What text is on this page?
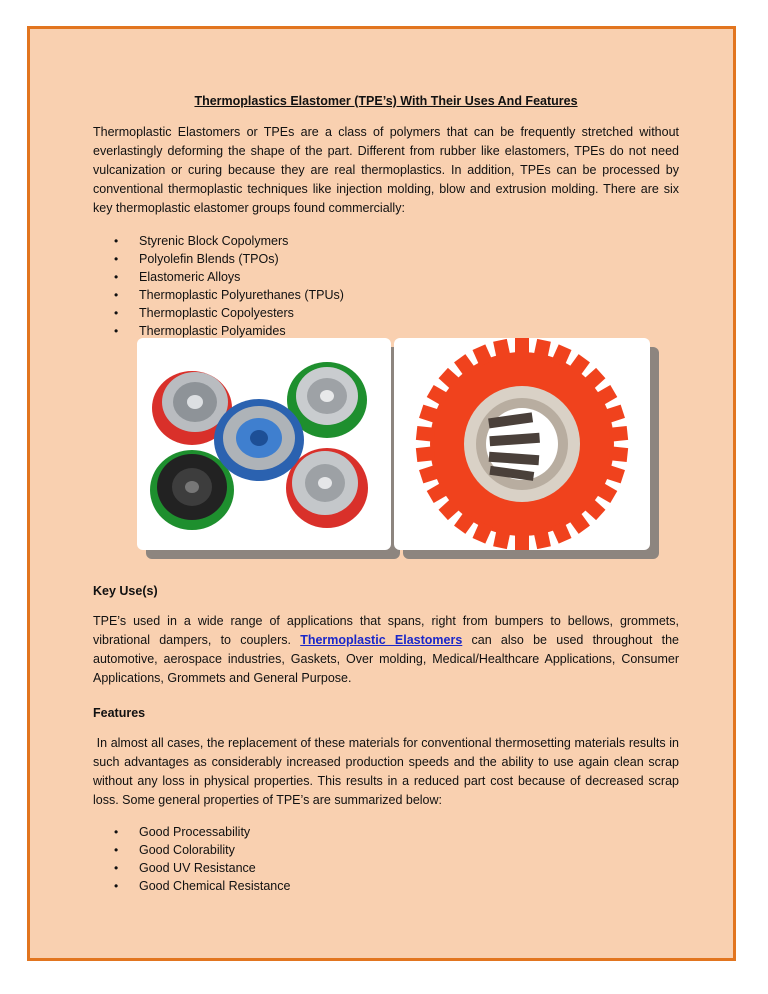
Thermoplastics Elastomer (TPE’s) With Their Uses And Features

Thermoplastic Elastomers or TPEs are a class of polymers that can be frequently stretched without everlastingly deforming the shape of the part. Different from rubber like elastomers, TPEs do not need vulcanization or curing because they are real thermoplastics. In addition, TPEs can be processed by conventional thermoplastic techniques like injection molding, blow and extrusion molding. There are six key thermoplastic elastomer groups found commercially:

• Styrenic Block Copolymers
• Polyolefin Blends (TPOs)
• Elastomeric Alloys
• Thermoplastic Polyurethanes (TPUs)
• Thermoplastic Copolyesters
• Thermoplastic Polyamides
Key Use(s)

TPE’s used in a wide range of applications that spans, right from bumpers to bellows, grommets, vibrational dampers, to couplers. Thermoplastic Elastomers can also be used throughout the automotive, aerospace industries, Gaskets, Over molding, Medical/Healthcare Applications, Consumer Applications, Grommets and General Purpose.

Features

In almost all cases, the replacement of these materials for conventional thermosetting materials results in such advantages as considerably increased production speeds and the ability to use again clean scrap without any loss in physical properties. This results in a reduced part cost because of decreased scrap loss. Some general properties of TPE’s are summarized below:

• Good Processability
• Good Colorability
• Good UV Resistance
• Good Chemical Resistance
